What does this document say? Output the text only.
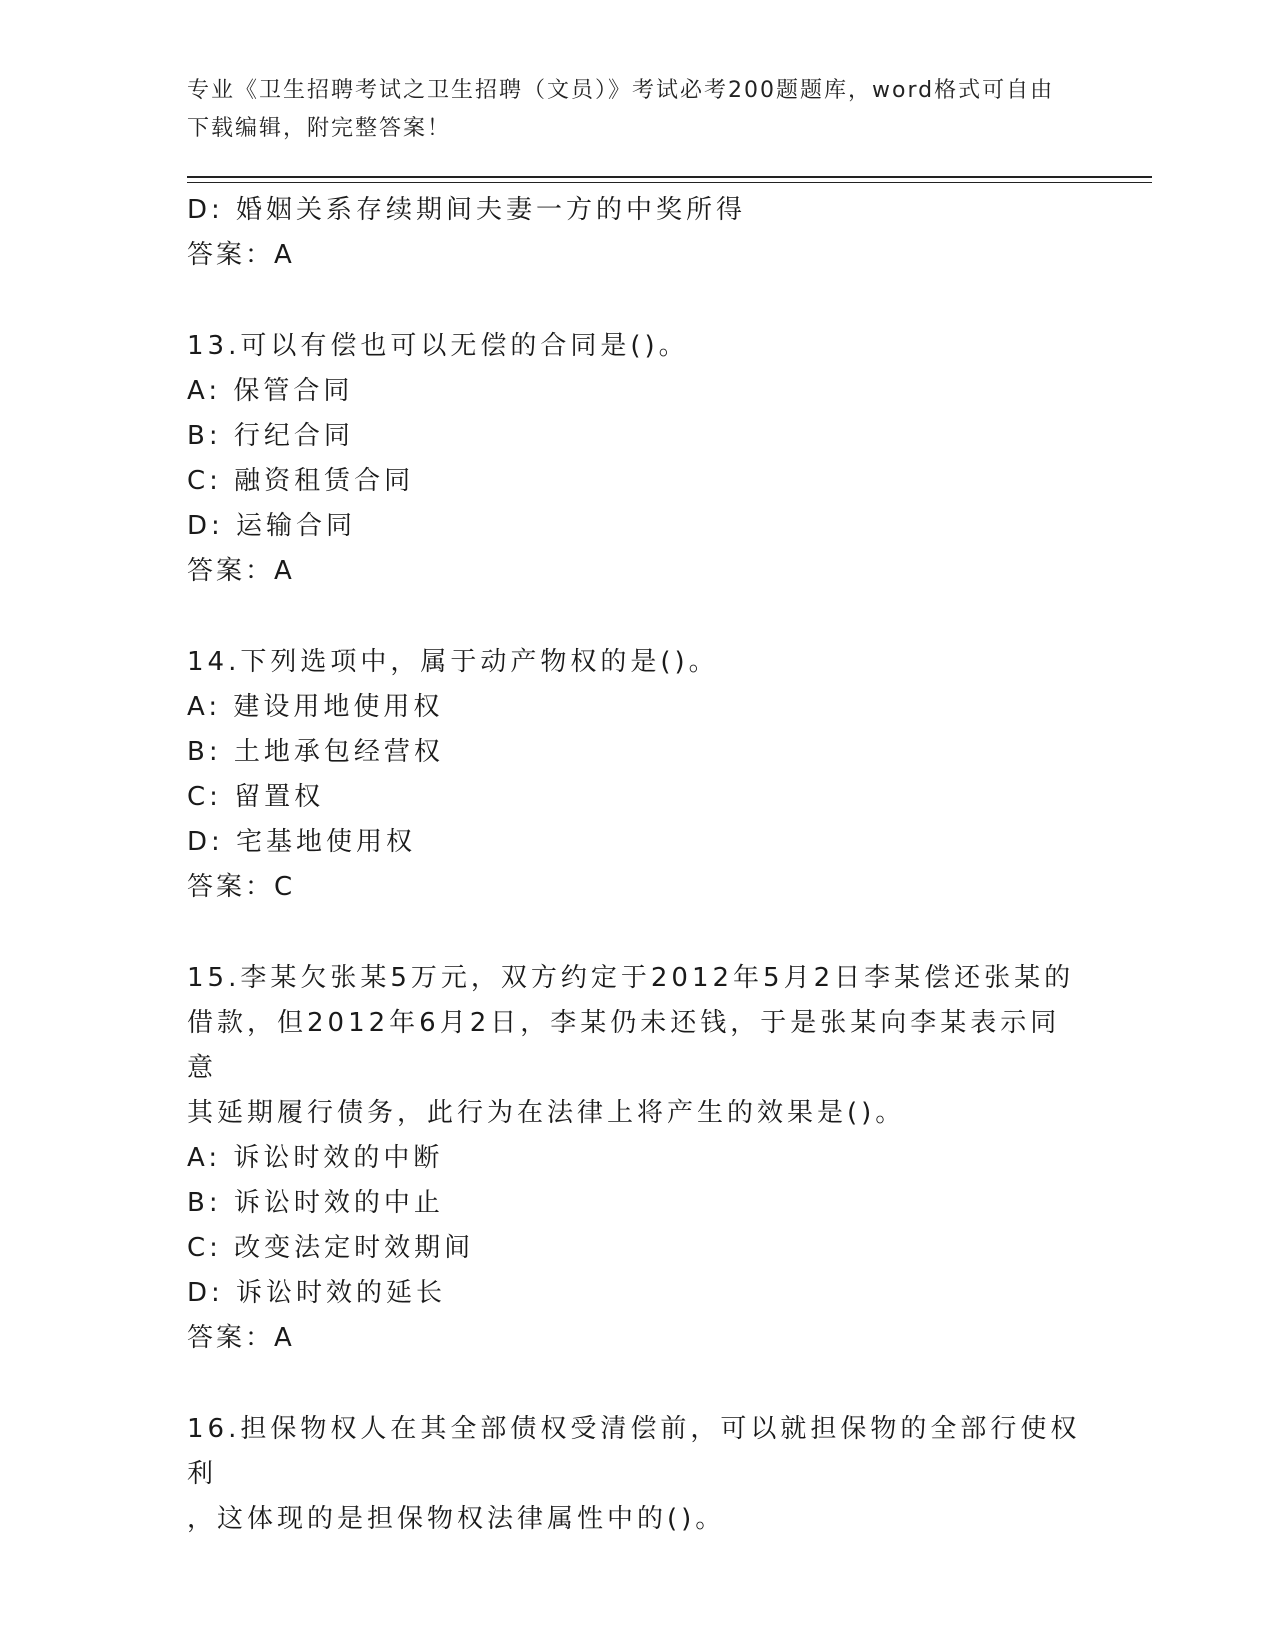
专业《卫生招聘考试之卫生招聘（文员）》考试必考200题题库，word格式可自由下载编辑，附完整答案！
D: 婚姻关系存续期间夫妻一方的中奖所得
答案：A
13.可以有偿也可以无偿的合同是()。
A: 保管合同
B: 行纪合同
C: 融资租赁合同
D: 运输合同
答案：A
14.下列选项中，属于动产物权的是()。
A: 建设用地使用权
B: 土地承包经营权
C: 留置权
D: 宅基地使用权
答案：C
15.李某欠张某5万元，双方约定于2012年5月2日李某偿还张某的
借款，但2012年6月2日，李某仍未还钱，于是张某向李某表示同意
其延期履行债务，此行为在法律上将产生的效果是()。
A: 诉讼时效的中断
B: 诉讼时效的中止
C: 改变法定时效期间
D: 诉讼时效的延长
答案：A
16.担保物权人在其全部债权受清偿前，可以就担保物的全部行使权利
，这体现的是担保物权法律属性中的()。
